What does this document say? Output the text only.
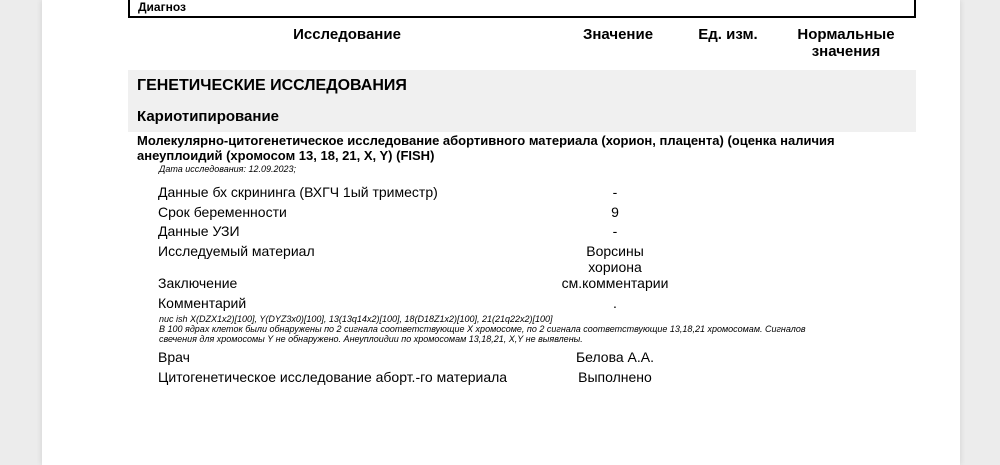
Диагноз
Исследование	Значение	Ед. изм.	Нормальные
значения
ГЕНЕТИЧЕСКИЕ ИССЛЕДОВАНИЯ
Кариотипирование
Молекулярно-цитогенетическое исследование абортивного материала (хорион, плацента) (оценка наличия
анеуплоидий (хромосом 13, 18, 21, X, Y) (FISH)
Дата исследования: 12.09.2023;
Данные бх скрининга (ВХГЧ 1ый триместр)	-
Срок беременности	9
Данные УЗИ	-
Исследуемый материал	Ворсины
хориона
Заключение	см.комментарии
Комментарий	.
nuc ish X(DZX1x2)[100], Y(DYZ3x0)[100], 13(13q14x2)[100], 18(D18Z1x2)[100], 21(21q22x2)[100]
В 100 ядрах клеток были обнаружены по 2 сигнала соответствующие X хромосоме, по 2 сигнала соответствующие 13,18,21 хромосомам. Сигналов
свечения для хромосомы Y не обнаружено. Анеуплоидии по хромосомам 13,18,21, X,Y не выявлены.
Врач	Белова А.А.
Цитогенетическое исследование аборт.-го материала	Выполнено
